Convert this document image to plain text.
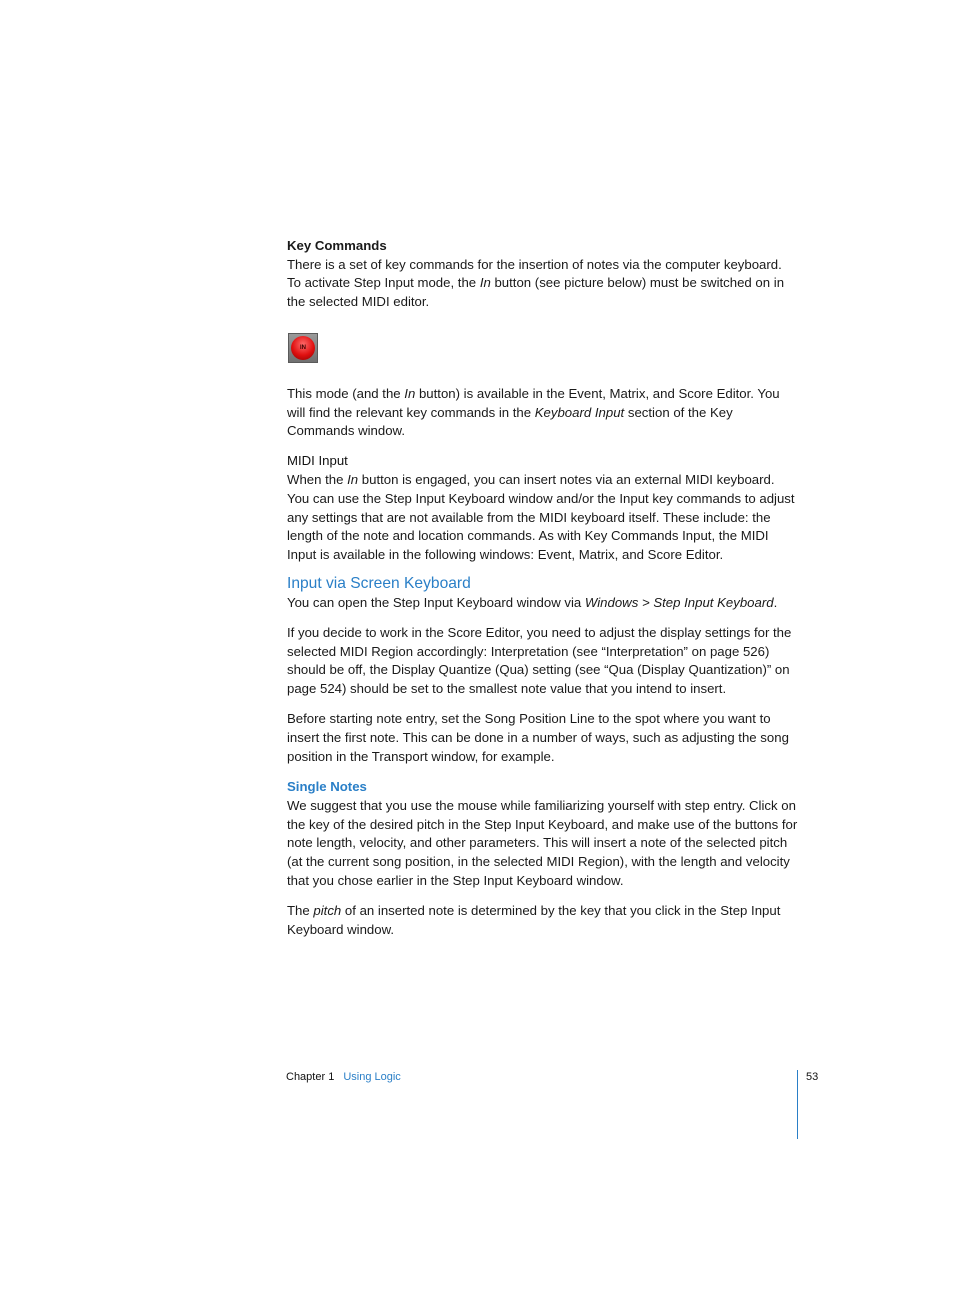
Key Commands

There is a set of key commands for the insertion of notes via the computer keyboard. To activate Step Input mode, the In button (see picture below) must be switched on in the selected MIDI editor.

IN

This mode (and the In button) is available in the Event, Matrix, and Score Editor. You will find the relevant key commands in the Keyboard Input section of the Key Commands window.

MIDI Input

When the In button is engaged, you can insert notes via an external MIDI keyboard. You can use the Step Input Keyboard window and/or the Input key commands to adjust any settings that are not available from the MIDI keyboard itself. These include: the length of the note and location commands. As with Key Commands Input, the MIDI Input is available in the following windows: Event, Matrix, and Score Editor.

Input via Screen Keyboard

You can open the Step Input Keyboard window via Windows > Step Input Keyboard.

If you decide to work in the Score Editor, you need to adjust the display settings for the selected MIDI Region accordingly: Interpretation (see “Interpretation” on page 526) should be off, the Display Quantize (Qua) setting (see “Qua (Display Quantization)” on page 524) should be set to the smallest note value that you intend to insert.

Before starting note entry, set the Song Position Line to the spot where you want to insert the first note. This can be done in a number of ways, such as adjusting the song position in the Transport window, for example.

Single Notes

We suggest that you use the mouse while familiarizing yourself with step entry. Click on the key of the desired pitch in the Step Input Keyboard, and make use of the buttons for note length, velocity, and other parameters. This will insert a note of the selected pitch (at the current song position, in the selected MIDI Region), with the length and velocity that you chose earlier in the Step Input Keyboard window.

The pitch of an inserted note is determined by the key that you click in the Step Input Keyboard window.

Chapter 1 Using Logic	53
